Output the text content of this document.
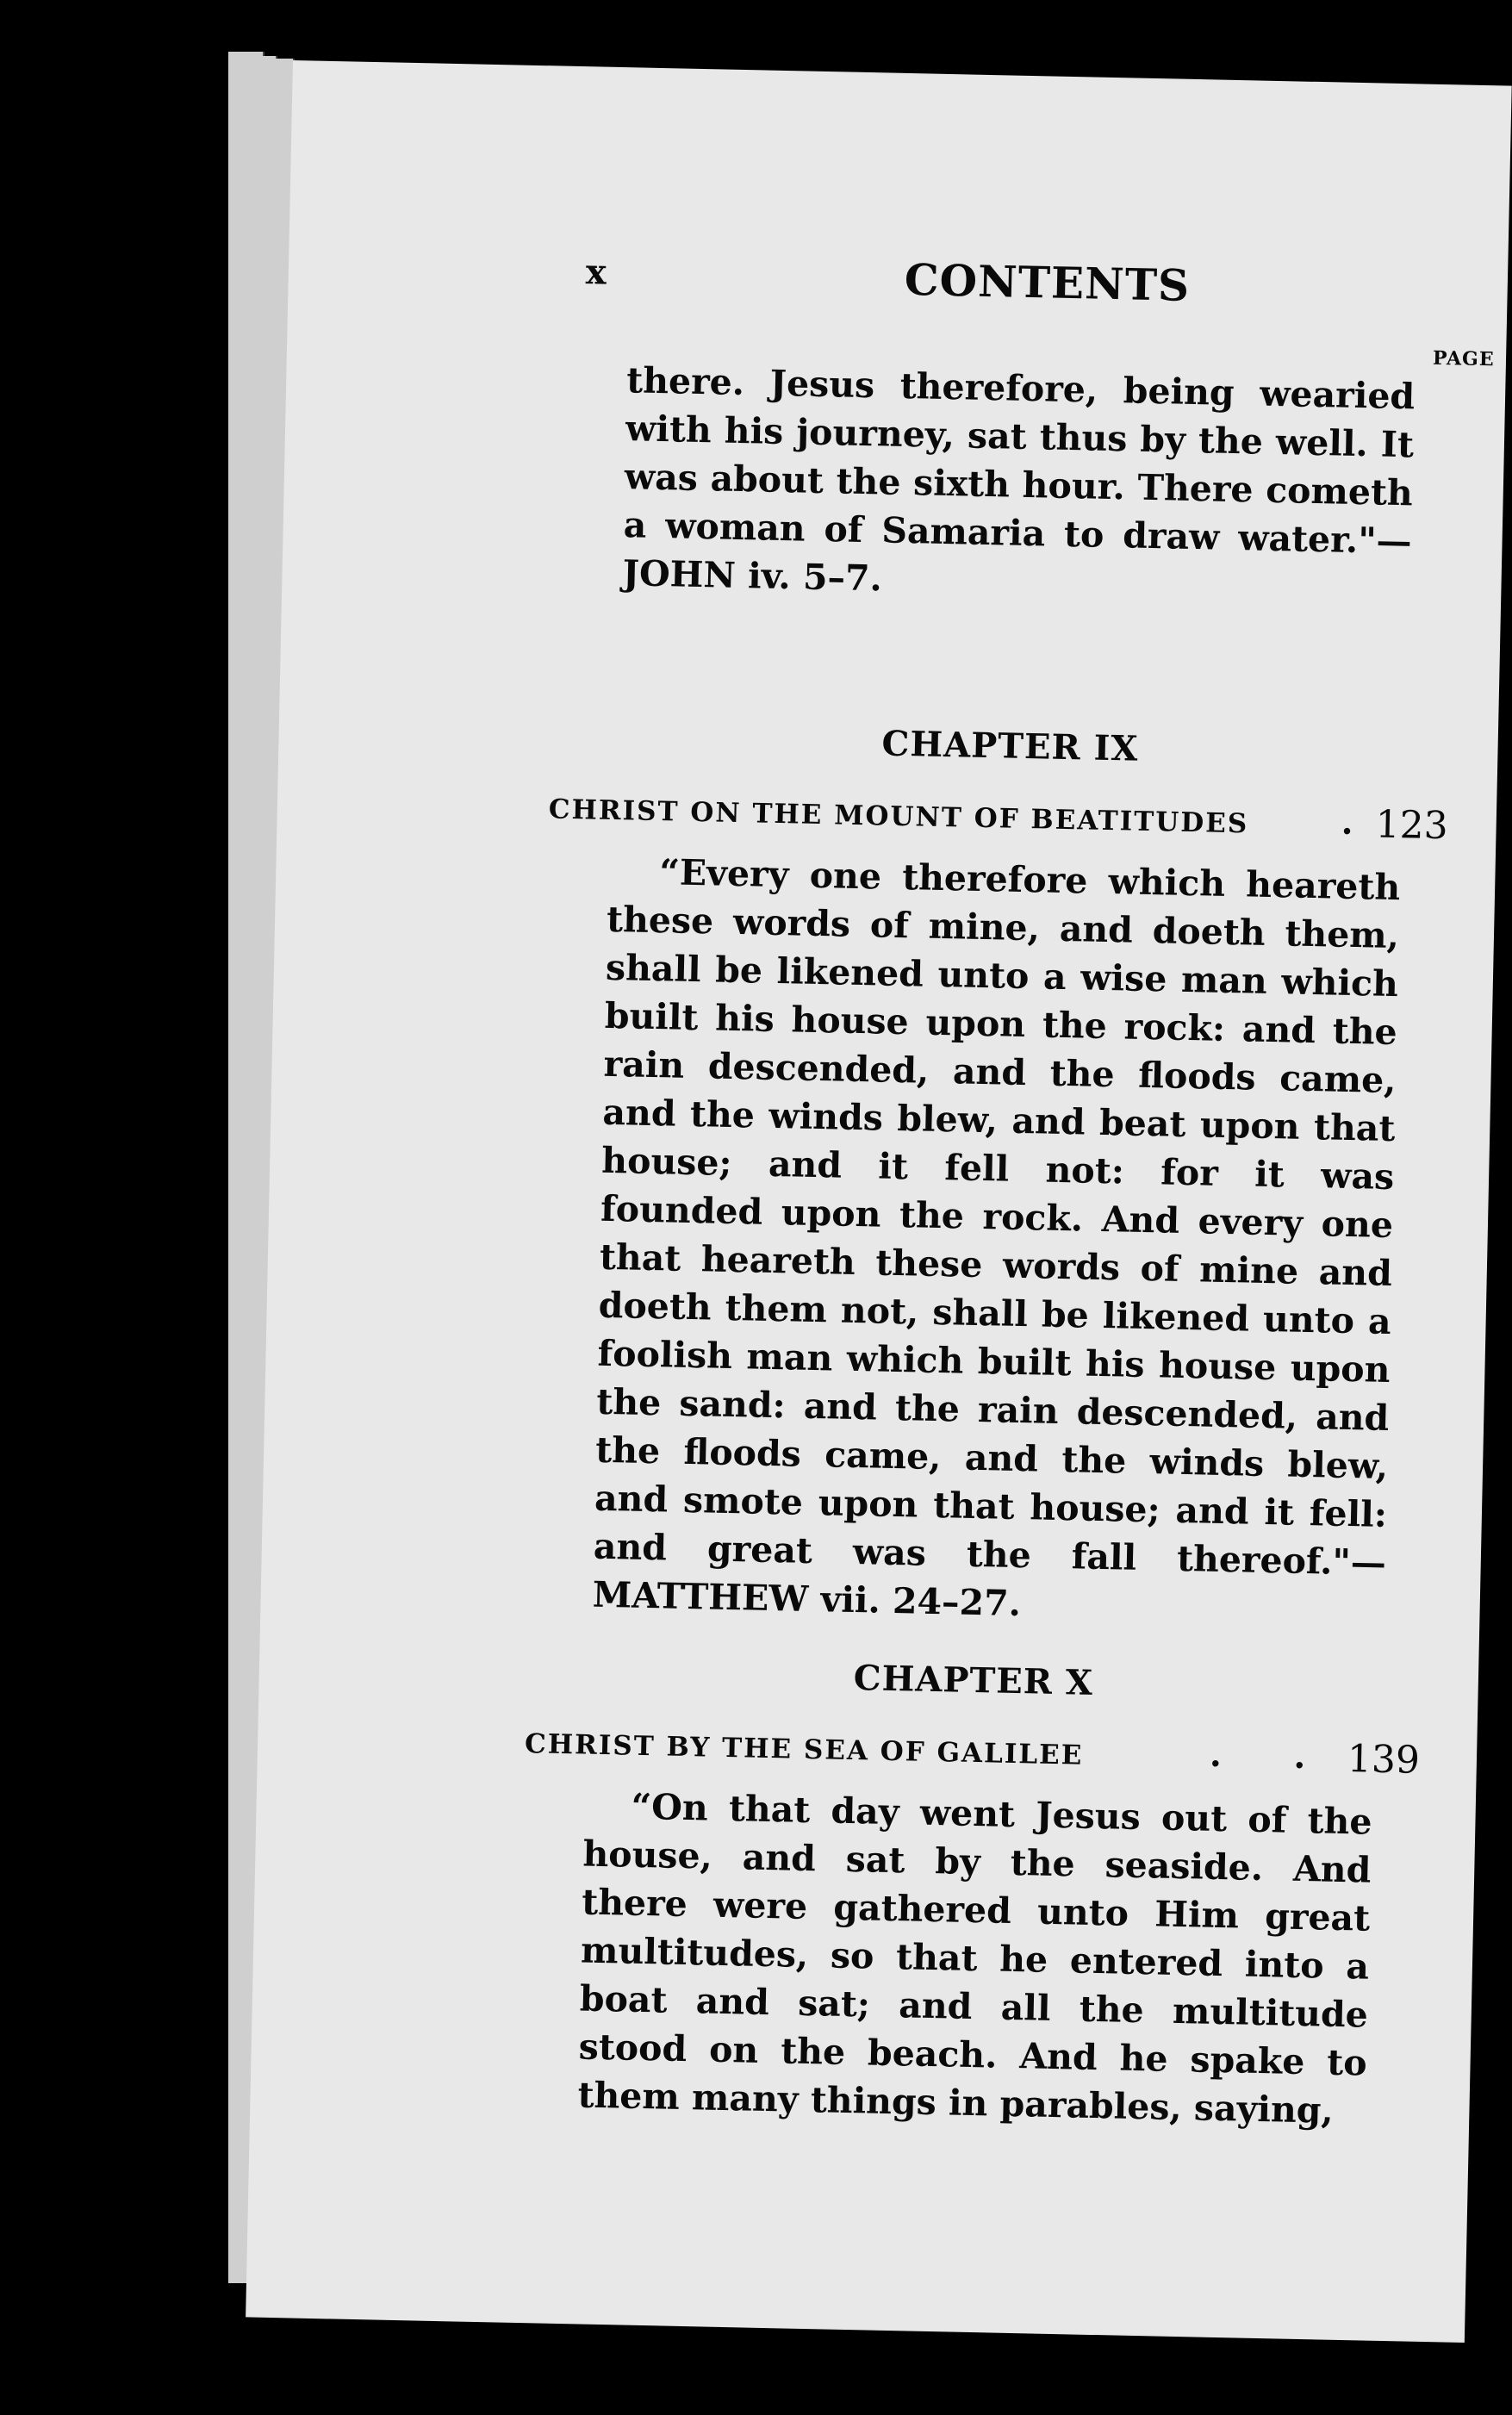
x	CONTENTS
PAGE
there. Jesus therefore, being wearied with his journey, sat thus by the well. It was about the sixth hour. There cometh a woman of Samaria to draw water."—JOHN iv. 5–7.
CHAPTER IX
CHRIST ON THE MOUNT OF BEATITUDES	. 123
“Every one therefore which heareth these words of mine, and doeth them, shall be likened unto a wise man which built his house upon the rock: and the rain descended, and the floods came, and the winds blew, and beat upon that house; and it fell not: for it was founded upon the rock. And every one that heareth these words of mine and doeth them not, shall be likened unto a foolish man which built his house upon the sand: and the rain descended, and the floods came, and the winds blew, and smote upon that house; and it fell: and great was the fall thereof."—MATTHEW vii. 24–27.
CHAPTER X
CHRIST BY THE SEA OF GALILEE	.      . 139
“On that day went Jesus out of the house, and sat by the seaside. And there were gathered unto Him great multitudes, so that he entered into a boat and sat; and all the multitude stood on the beach. And he spake to them many things in parables, saying,
